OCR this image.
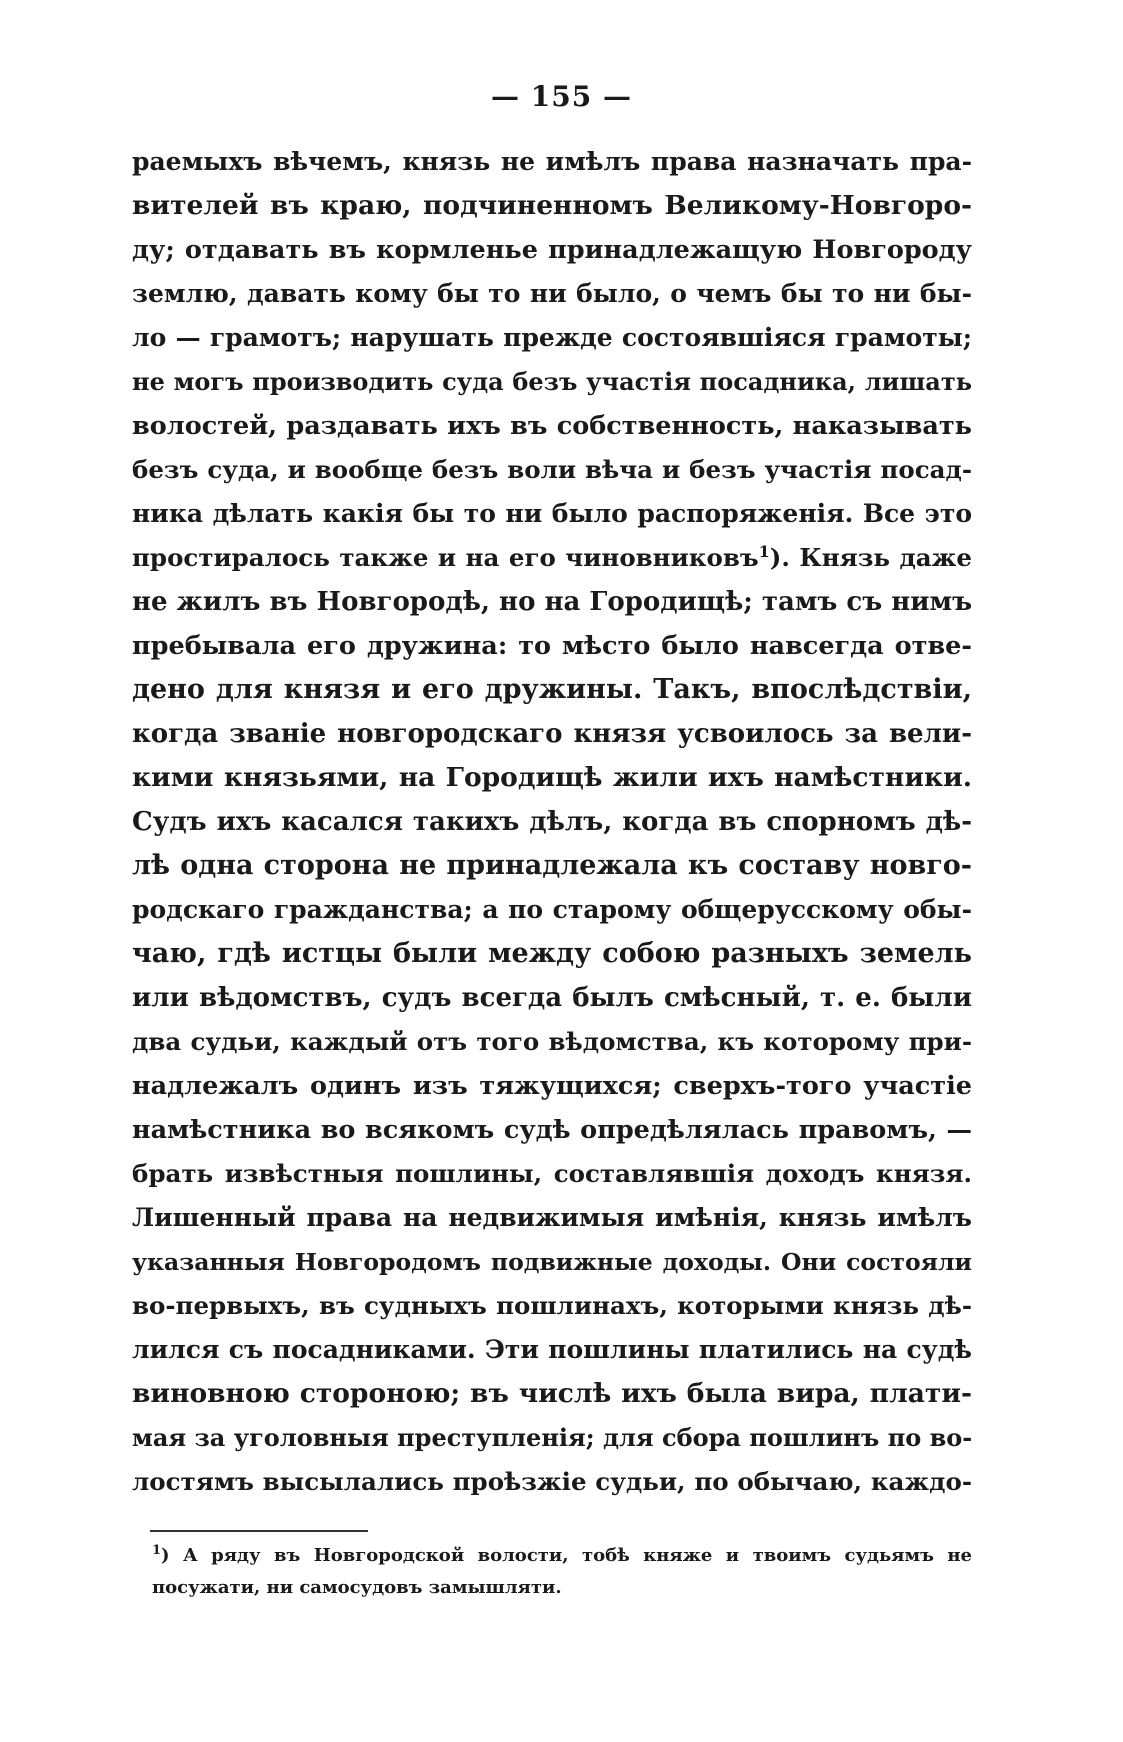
— 155 —
раемыхъ вѣчемъ, князь не имѣлъ права назначать пра-
вителей въ краю, подчиненномъ Великому-Новгоро-
ду; отдавать въ кормленье принадлежащую Новгороду
землю, давать кому бы то ни было, о чемъ бы то ни бы-
ло — грамотъ; нарушать прежде состоявшіяся грамоты;
не могъ производить суда безъ участія посадника, лишать
волостей, раздавать ихъ въ собственность, наказывать
безъ суда, и вообще безъ воли вѣча и безъ участія посад-
ника дѣлать какія бы то ни было распоряженія. Все это
простиралось также и на его чиновниковъ$^1$). Князь даже
не жилъ въ Новгородѣ, но на Городищѣ; тамъ съ нимъ
пребывала его дружина: то мѣсто было навсегда отве-
дено для князя и его дружины. Такъ, впослѣдствіи,
когда званіе новгородскаго князя усвоилось за вели-
кими князьями, на Городищѣ жили ихъ намѣстники.
Судъ ихъ касался такихъ дѣлъ, когда въ спорномъ дѣ-
лѣ одна сторона не принадлежала къ составу новго-
родскаго гражданства; а по старому общерусскому обы-
чаю, гдѣ истцы были между собою разныхъ земель
или вѣдомствъ, судъ всегда былъ смѣсный, т. е. были
два судьи, каждый отъ того вѣдомства, къ которому при-
надлежалъ одинъ изъ тяжущихся; сверхъ-того участіе
намѣстника во всякомъ судѣ опредѣлялась правомъ, —
брать извѣстныя пошлины, составлявшія доходъ князя.
Лишенный права на недвижимыя имѣнія, князь имѣлъ
указанныя Новгородомъ подвижные доходы. Они состояли
во-первыхъ, въ судныхъ пошлинахъ, которыми князь дѣ-
лился съ посадниками. Эти пошлины платились на судѣ
виновною стороною; въ числѣ ихъ была вира, плати-
мая за уголовныя преступленія; для сбора пошлинъ по во-
лостямъ высылались проѣзжіе судьи, по обычаю, каждо-
$^1$) А ряду въ Новгородской волости, тобѣ княже и твоимъ судьямъ не
посужати, ни самосудовъ замышляти.
